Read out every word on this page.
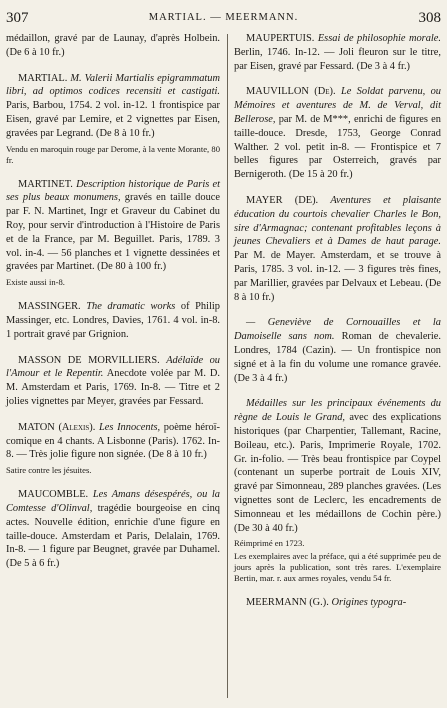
307	MARTIAL. — MEERMANN.	308

médaillon, gravé par de Launay, d'après Holbein. (De 6 à 10 fr.)

MARTIAL. M. Valerii Martialis epigrammatum libri, ad optimos codices recensiti et castigati. Paris, Barbou, 1754. 2 vol. in-12. 1 frontispice par Eisen, gravé par Lemire, et 2 vignettes par Eisen, gravées par Legrand. (De 8 à 10 fr.)

Vendu en maroquin rouge par Derome, à la vente Morante, 80 fr.

MARTINET. Description historique de Paris et ses plus beaux monumens, gravés en taille douce par F. N. Martinet, Ingr et Graveur du Cabinet du Roy, pour servir d'introduction à l'Histoire de Paris et de la France, par M. Beguillet. Paris, 1789. 3 vol. in-4. — 56 planches et 1 vignette dessinées et gravées par Martinet. (De 80 à 100 fr.)

Existe aussi in-8.

MASSINGER. The dramatic works of Philip Massinger, etc. Londres, Davies, 1761. 4 vol. in-8. 1 portrait gravé par Grignion.

MASSON DE MORVILLIERS. Adélaïde ou l'Amour et le Repentir. Anecdote volée par M. D. M. Amsterdam et Paris, 1769. In-8. — Titre et 2 jolies vignettes par Meyer, gravées par Fessard.

MATON (Alexis). Les Innocents, poème héroï-comique en 4 chants. A Lisbonne (Paris). 1762. In-8. — Très jolie figure non signée. (De 8 à 10 fr.)

Satire contre les jésuites.

MAUCOMBLE. Les Amans désespérés, ou la Comtesse d'Olinval, tragédie bourgeoise en cinq actes. Nouvelle édition, enrichie d'une figure en taille-douce. Amsterdam et Paris, Delalain, 1769. In-8. — 1 figure par Beugnet, gravée par Duhamel. (De 5 à 6 fr.)

MAUPERTUIS. Essai de philosophie morale. Berlin, 1746. In-12. — Joli fleuron sur le titre, par Eisen, gravé par Fessard. (De 3 à 4 fr.)

MAUVILLON (De). Le Soldat parvenu, ou Mémoires et aventures de M. de Verval, dit Bellerose, par M. de M***, enrichi de figures en taille-douce. Dresde, 1753, George Conrad Walther. 2 vol. petit in-8. — Frontispice et 7 belles figures par Osterreich, gravés par Bernigeroth. (De 15 à 20 fr.)

MAYER (DE). Aventures et plaisante éducation du courtois chevalier Charles le Bon, sire d'Armagnac; contenant profitables leçons à jeunes Chevaliers et à Dames de haut parage. Par M. de Mayer. Amsterdam, et se trouve à Paris, 1785. 3 vol. in-12. — 3 figures très fines, par Marillier, gravées par Delvaux et Lebeau. (De 8 à 10 fr.)

— Geneviève de Cornouailles et la Damoiselle sans nom. Roman de chevalerie. Londres, 1784 (Cazin). — Un frontispice non signé et à la fin du volume une romance gravée. (De 3 à 4 fr.)

Médailles sur les principaux événements du règne de Louis le Grand, avec des explications historiques (par Charpentier, Tallemant, Racine, Boileau, etc.). Paris, Imprimerie Royale, 1702. Gr. in-folio. — Très beau frontispice par Coypel (contenant un superbe portrait de Louis XIV, gravé par Simonneau, 289 planches gravées. (Les vignettes sont de Leclerc, les encadrements de Simonneau et les médaillons de Cochin père.) (De 30 à 40 fr.)

Réimprimé en 1723.

Les exemplaires avec la préface, qui a été supprimée peu de jours après la publication, sont très rares. L'exemplaire Bertin, mar. r. aux armes royales, vendu 54 fr.

MEERMANN (G.). Origines typogra-
